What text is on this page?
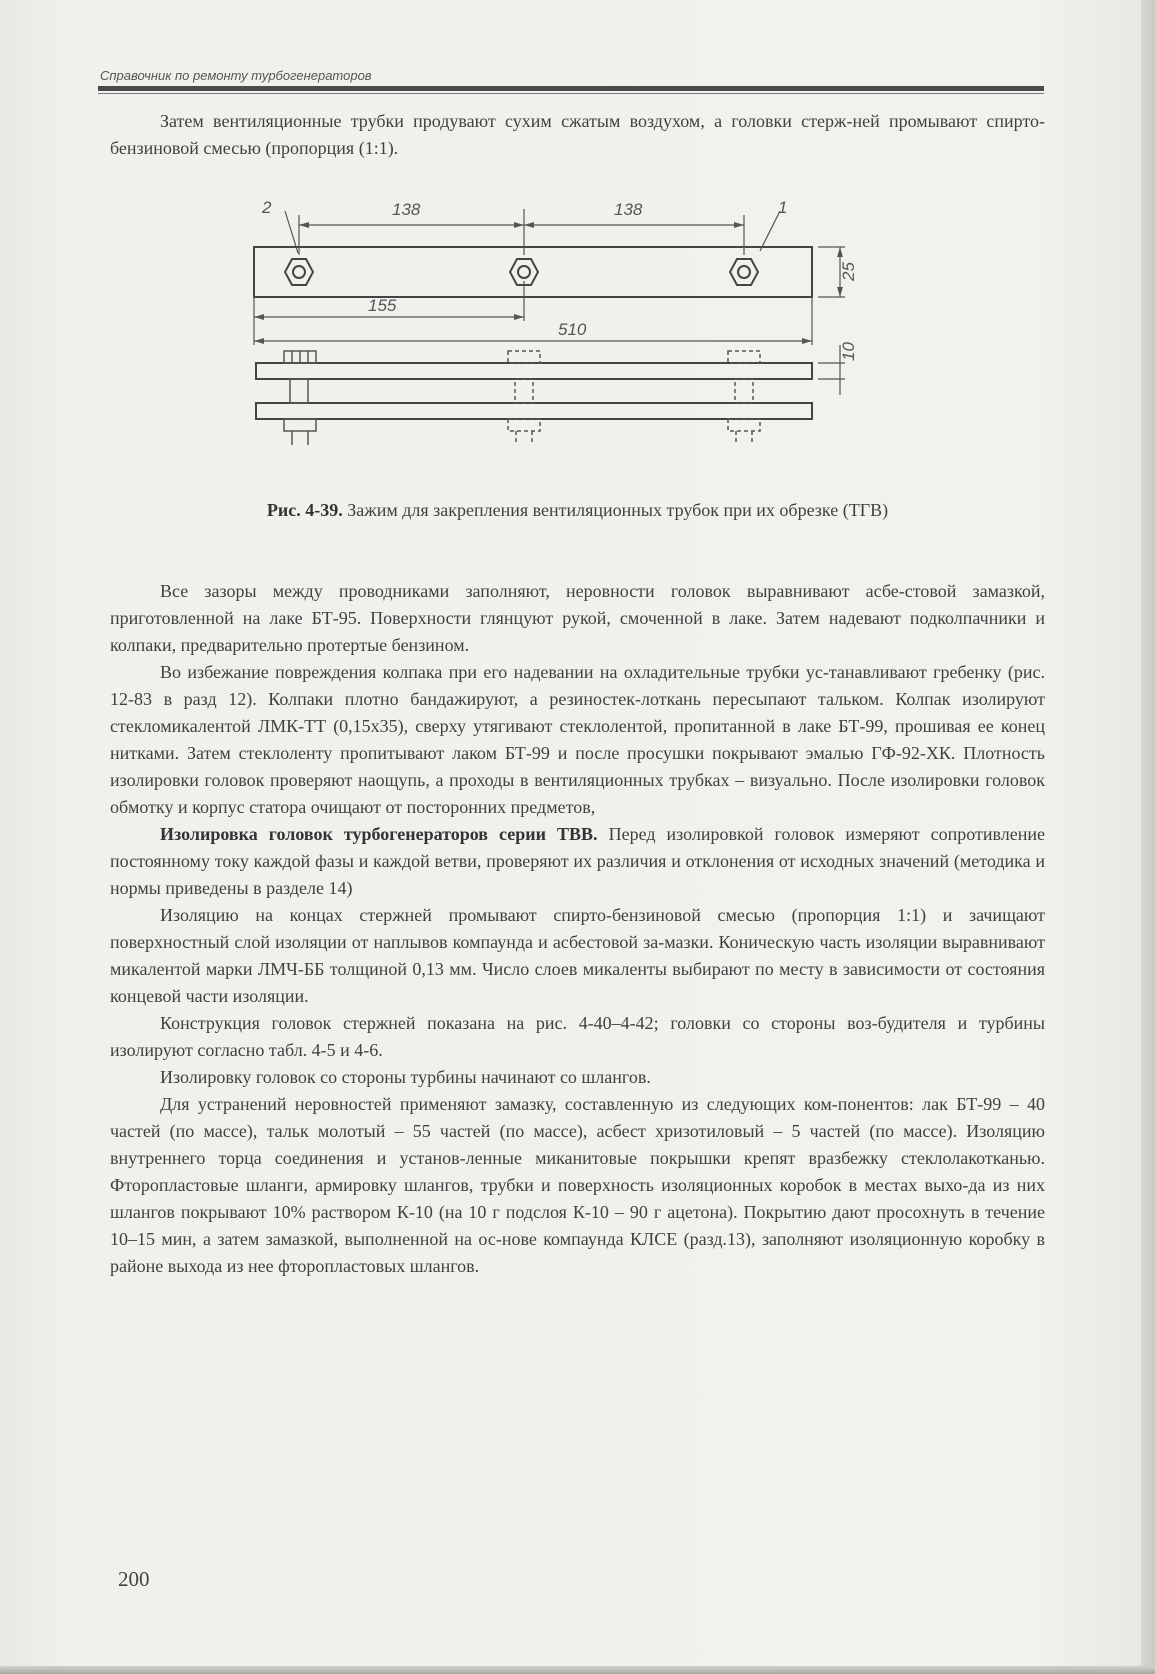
Справочник по ремонту турбогенераторов

Затем вентиляционные трубки продувают сухим сжатым воздухом, а головки стерж-ней промывают спирто-бензиновой смесью (пропорция (1:1).

2	1
138	138
155
510
25
10
Рис. 4-39. Зажим для закрепления вентиляционных трубок при их обрезке (ТГВ)

Все зазоры между проводниками заполняют, неровности головок выравнивают асбе-стовой замазкой, приготовленной на лаке БТ-95. Поверхности глянцуют рукой, смоченной в лаке. Затем надевают подколпачники и колпаки, предварительно протертые бензином.

Во избежание повреждения колпака при его надевании на охладительные трубки ус-танавливают гребенку (рис. 12-83 в разд 12). Колпаки плотно бандажируют, а резиностек-лоткань пересыпают тальком. Колпак изолируют стекломикалентой ЛМК-ТТ (0,15х35), сверху утягивают стеклолентой, пропитанной в лаке БТ-99, прошивая ее конец нитками. Затем стеклоленту пропитывают лаком БТ-99 и после просушки покрывают эмалью ГФ-92-ХК. Плотность изолировки головок проверяют наощупь, а проходы в вентиляционных трубках – визуально. После изолировки головок обмотку и корпус статора очищают от посторонних предметов,

Изолировка головок турбогенераторов серии ТВВ. Перед изолировкой головок измеряют сопротивление постоянному току каждой фазы и каждой ветви, проверяют их различия и отклонения от исходных значений (методика и нормы приведены в разделе 14)

Изоляцию на концах стержней промывают спирто-бензиновой смесью (пропорция 1:1) и зачищают поверхностный слой изоляции от наплывов компаунда и асбестовой за-мазки. Коническую часть изоляции выравнивают микалентой марки ЛМЧ-ББ толщиной 0,13 мм. Число слоев микаленты выбирают по месту в зависимости от состояния концевой части изоляции.

Конструкция головок стержней показана на рис. 4-40–4-42; головки со стороны воз-будителя и турбины изолируют согласно табл. 4-5 и 4-6.

Изолировку головок со стороны турбины начинают со шлангов.

Для устранений неровностей применяют замазку, составленную из следующих ком-понентов: лак БТ-99 – 40 частей (по массе), тальк молотый – 55 частей (по массе), асбест хризотиловый – 5 частей (по массе). Изоляцию внутреннего торца соединения и установ-ленные миканитовые покрышки крепят вразбежку стеклолакотканью. Фторопластовые шланги, армировку шлангов, трубки и поверхность изоляционных коробок в местах выхо-да из них шлангов покрывают 10% раствором К-10 (на 10 г подслоя К-10 – 90 г ацетона). Покрытию дают просохнуть в течение 10–15 мин, а затем замазкой, выполненной на ос-нове компаунда КЛСЕ (разд.13), заполняют изоляционную коробку в районе выхода из нее фторопластовых шлангов.

200
